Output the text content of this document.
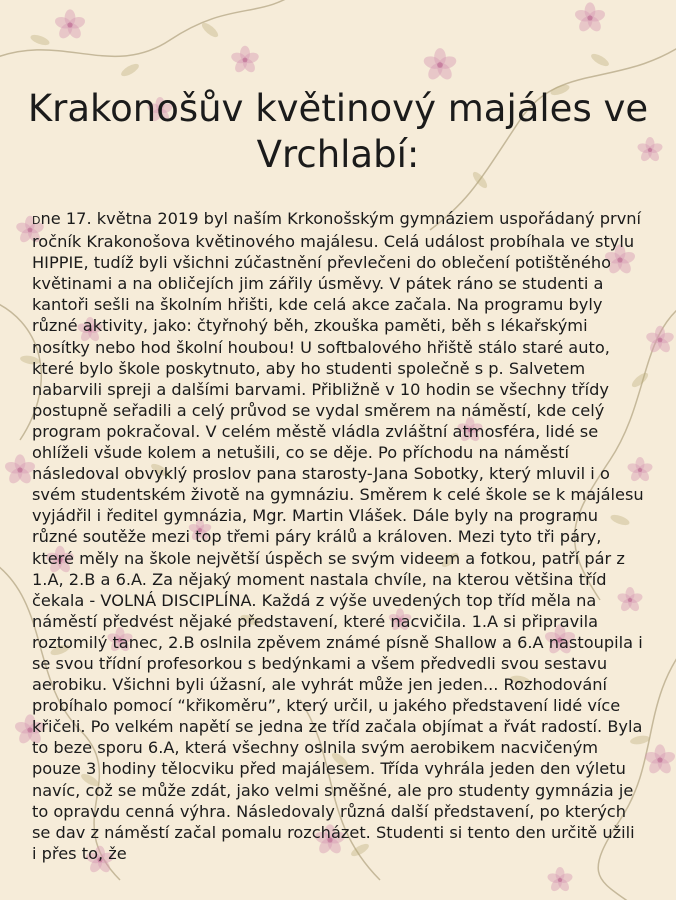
Krakonošův květinový majáles ve
Vrchlabí:

Dne 17. května 2019 byl naším Krkonošským gymnáziem uspořádaný první ročník Krakonošova květinového majálesu. Celá událost probíhala ve stylu HIPPIE, tudíž byli všichni zúčastnění převlečeni do oblečení potištěného květinami a na obličejích jim zářily úsměvy. V pátek ráno se studenti a kantoři sešli na školním hřišti, kde celá akce začala. Na programu byly různé aktivity, jako: čtyřnohý běh, zkouška paměti, běh s lékařskými nosítky nebo hod školní houbou! U softbalového hřiště stálo staré auto, které bylo škole poskytnuto, aby ho studenti společně s p. Salvetem nabarvili spreji a dalšími barvami. Přibližně v 10 hodin se všechny třídy postupně seřadili a celý průvod se vydal směrem na náměstí, kde celý program pokračoval. V celém městě vládla zvláštní atmosféra, lidé se ohlíželi všude kolem a netušili, co se děje. Po příchodu na náměstí následoval obvyklý proslov pana starosty-Jana Sobotky, který mluvil i o svém studentském životě na gymnáziu. Směrem k celé škole se k majálesu vyjádřil i ředitel gymnázia, Mgr. Martin Vlášek. Dále byly na programu různé soutěže mezi top třemi páry králů a královen. Mezi tyto tři páry, které měly na škole největší úspěch se svým videem a fotkou, patří pár z 1.A, 2.B a 6.A. Za nějaký moment nastala chvíle, na kterou většina tříd čekala - VOLNÁ DISCIPLÍNA. Každá z výše uvedených top tříd měla na náměstí předvést nějaké představení, které nacvičila. 1.A si připravila roztomilý tanec, 2.B oslnila zpěvem známé písně Shallow a 6.A nastoupila i se svou třídní profesorkou s bedýnkami a všem předvedli svou sestavu aerobiku. Všichni byli úžasní, ale vyhrát může jen jeden... Rozhodování probíhalo pomocí “křikoměru”, který určil, u jakého představení lidé více křičeli. Po velkém napětí se jedna ze tříd začala objímat a řvát radostí. Byla to beze sporu 6.A, která všechny oslnila svým aerobikem nacvičeným pouze 3 hodiny tělocviku před majálesem. Třída vyhrála jeden den výletu navíc, což se může zdát, jako velmi směšné, ale pro studenty gymnázia je to opravdu cenná výhra. Následovaly různá další představení, po kterých se dav z náměstí začal pomalu rozcházet. Studenti si tento den určitě užili i přes to, že
